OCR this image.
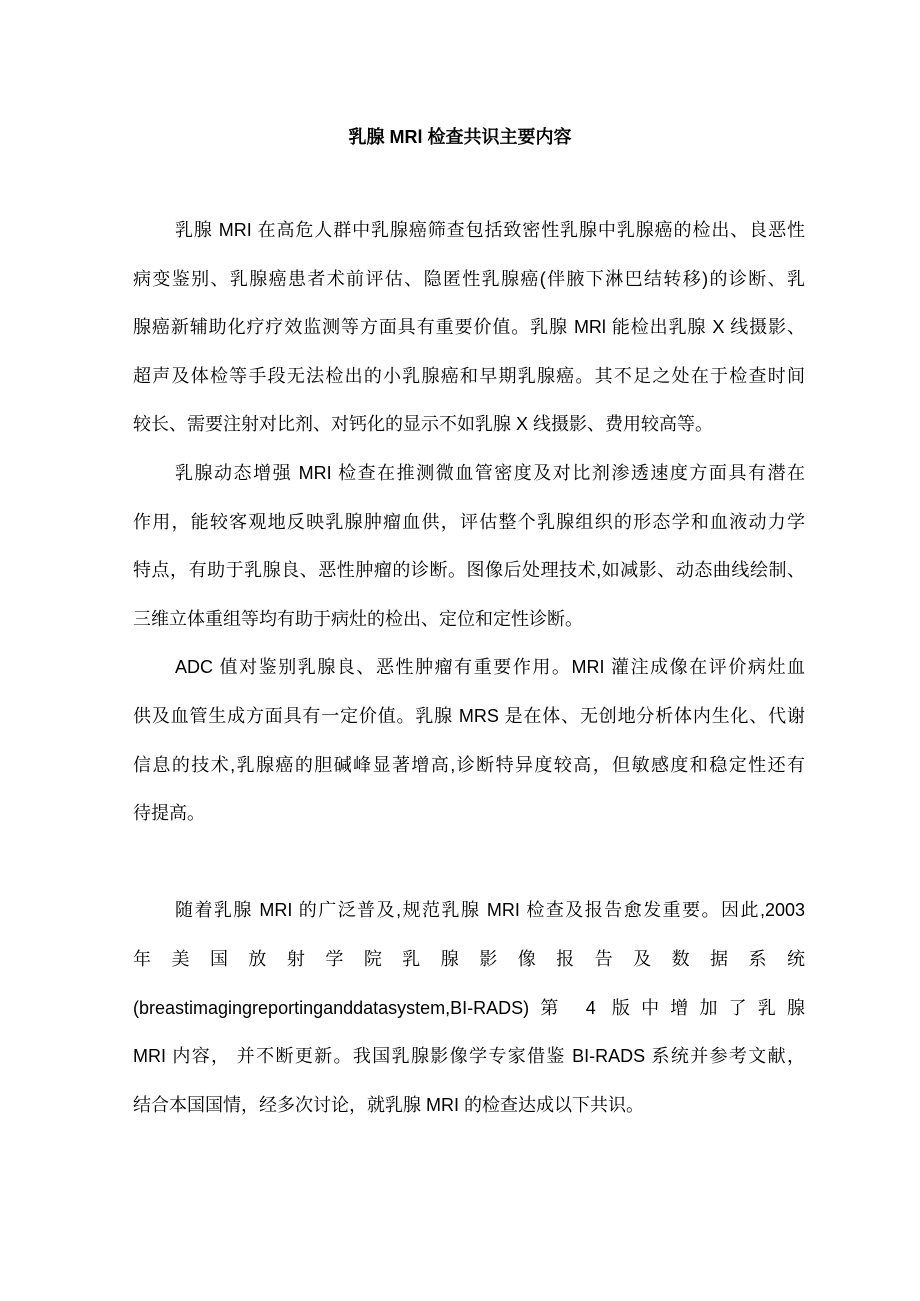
乳腺 MRl 检查共识主要内容
乳腺 MRI 在高危人群中乳腺癌筛查包括致密性乳腺中乳腺癌的检出、良恶性
病变鉴别、乳腺癌患者术前评估、隐匿性乳腺癌(伴腋下淋巴结转移)的诊断、乳
腺癌新辅助化疗疗效监测等方面具有重要价值。乳腺 MRl 能检出乳腺 X 线摄影、
超声及体检等手段无法检出的小乳腺癌和早期乳腺癌。其不足之处在于检查时间
较长、需要注射对比剂、对钙化的显示不如乳腺 X 线摄影、费用较高等。
乳腺动态增强 MRI 检查在推测微血管密度及对比剂渗透速度方面具有潜在
作用，能较客观地反映乳腺肿瘤血供，评估整个乳腺组织的形态学和血液动力学
特点，有助于乳腺良、恶性肿瘤的诊断。图像后处理技术,如减影、动态曲线绘制、
三维立体重组等均有助于病灶的检出、定位和定性诊断。
ADC 值对鉴别乳腺良、恶性肿瘤有重要作用。MRI 灌注成像在评价病灶血
供及血管生成方面具有一定价值。乳腺 MRS 是在体、无创地分析体内生化、代谢
信息的技术,乳腺癌的胆碱峰显著增高,诊断特异度较高，但敏感度和稳定性还有
待提高。
随着乳腺 MRI 的广泛普及,规范乳腺 MRI 检查及报告愈发重要。因此,2003
年美国放射学院乳腺影像报告及数据系统
(breastimagingreportinganddatasystem,BI-RADS)第 4 版中增加了乳腺
MRI 内容， 并不断更新。我国乳腺影像学专家借鉴 BI-RADS 系统并参考文献，
结合本国国情，经多次讨论，就乳腺 MRI 的检查达成以下共识。
